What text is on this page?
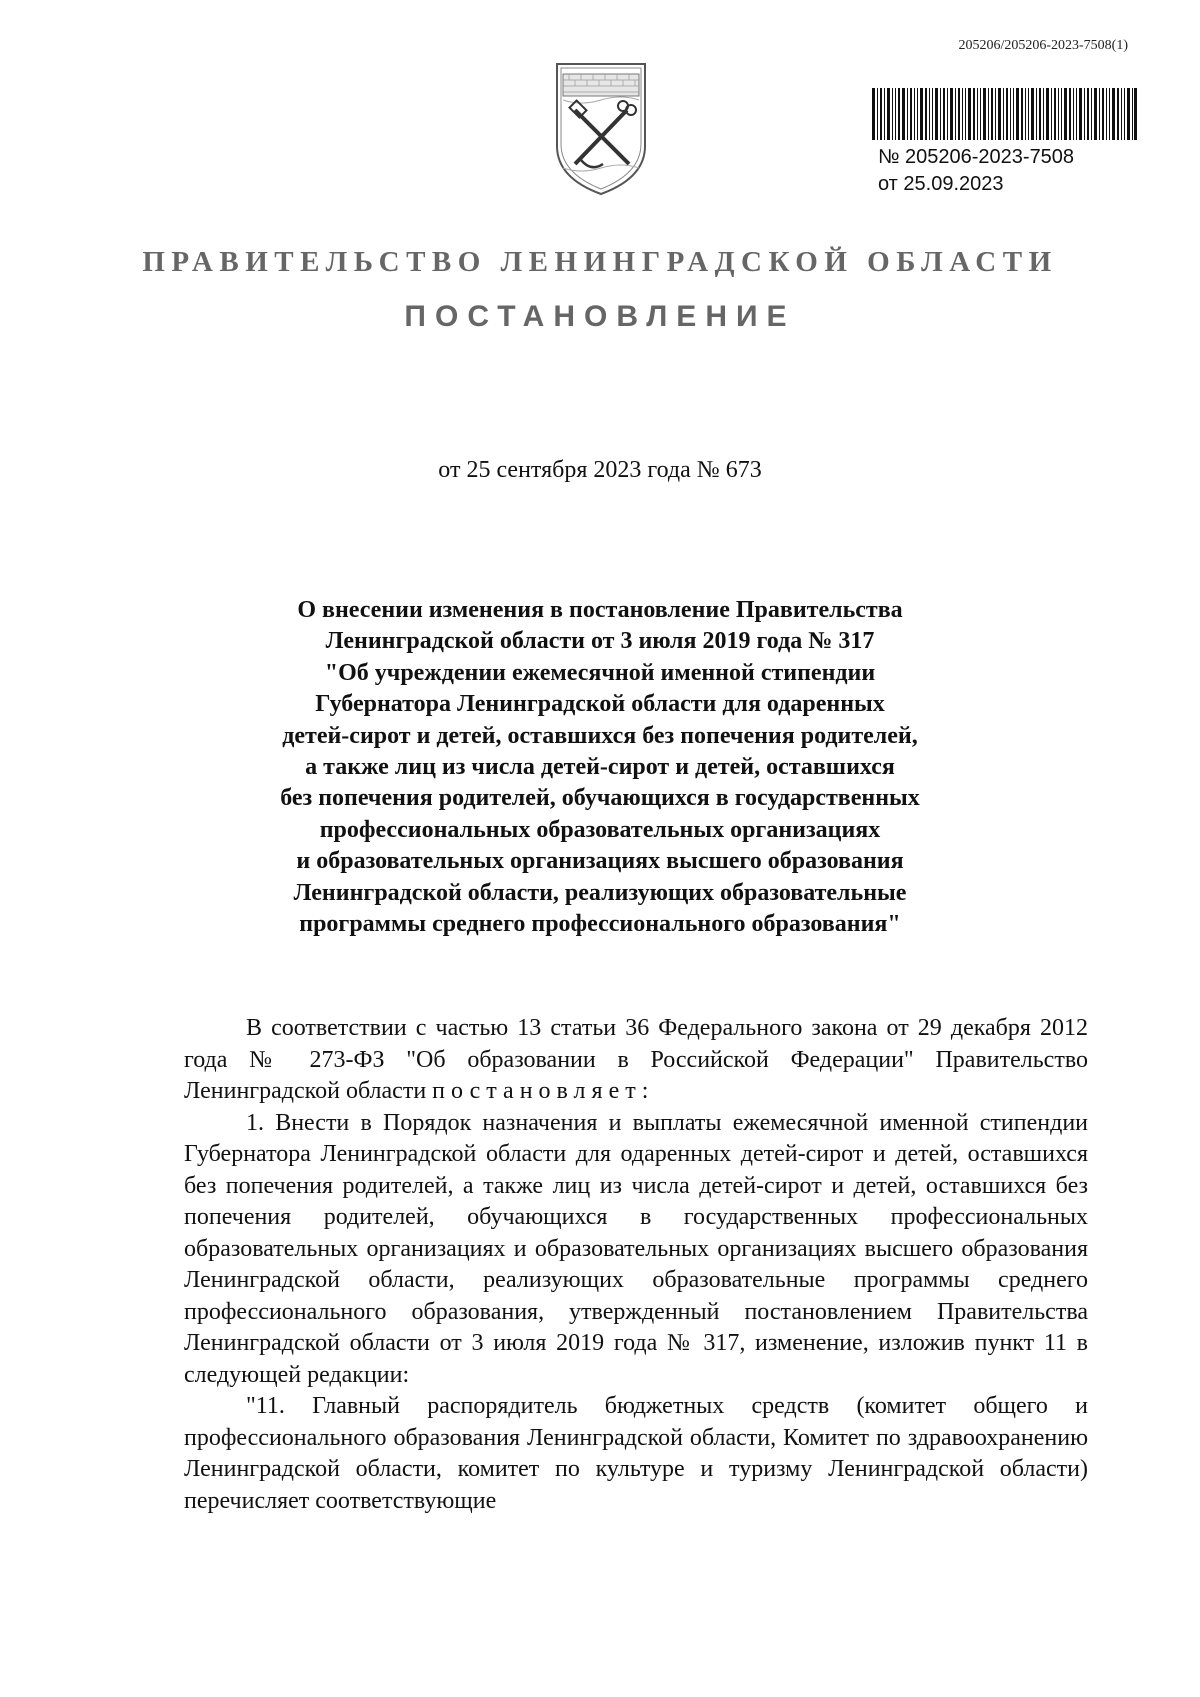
205206/205206-2023-7508(1)
№ 205206-2023-7508
от 25.09.2023
ПРАВИТЕЛЬСТВО ЛЕНИНГРАДСКОЙ ОБЛАСТИ
ПОСТАНОВЛЕНИЕ
от 25 сентября 2023 года № 673
О внесении изменения в постановление Правительства
Ленинградской области от 3 июля 2019 года № 317
"Об учреждении ежемесячной именной стипендии
Губернатора Ленинградской области для одаренных
детей-сирот и детей, оставшихся без попечения родителей,
а также лиц из числа детей-сирот и детей, оставшихся
без попечения родителей, обучающихся в государственных
профессиональных образовательных организациях
и образовательных организациях высшего образования
Ленинградской области, реализующих образовательные
программы среднего профессионального образования"

В соответствии с частью 13 статьи 36 Федерального закона от 29 декабря 2012 года № 273-ФЗ "Об образовании в Российской Федерации" Правительство Ленинградской области постановляет:

1. Внести в Порядок назначения и выплаты ежемесячной именной стипендии Губернатора Ленинградской области для одаренных детей-сирот и детей, оставшихся без попечения родителей, а также лиц из числа детей-сирот и детей, оставшихся без попечения родителей, обучающихся в государственных профессиональных образовательных организациях и образовательных организациях высшего образования Ленинградской области, реализующих образовательные программы среднего профессионального образования, утвержденный постановлением Правительства Ленинградской области от 3 июля 2019 года № 317, изменение, изложив пункт 11 в следующей редакции:

"11. Главный распорядитель бюджетных средств (комитет общего и профессионального образования Ленинградской области, Комитет по здравоохранению Ленинградской области, комитет по культуре и туризму Ленинградской области) перечисляет соответствующие
